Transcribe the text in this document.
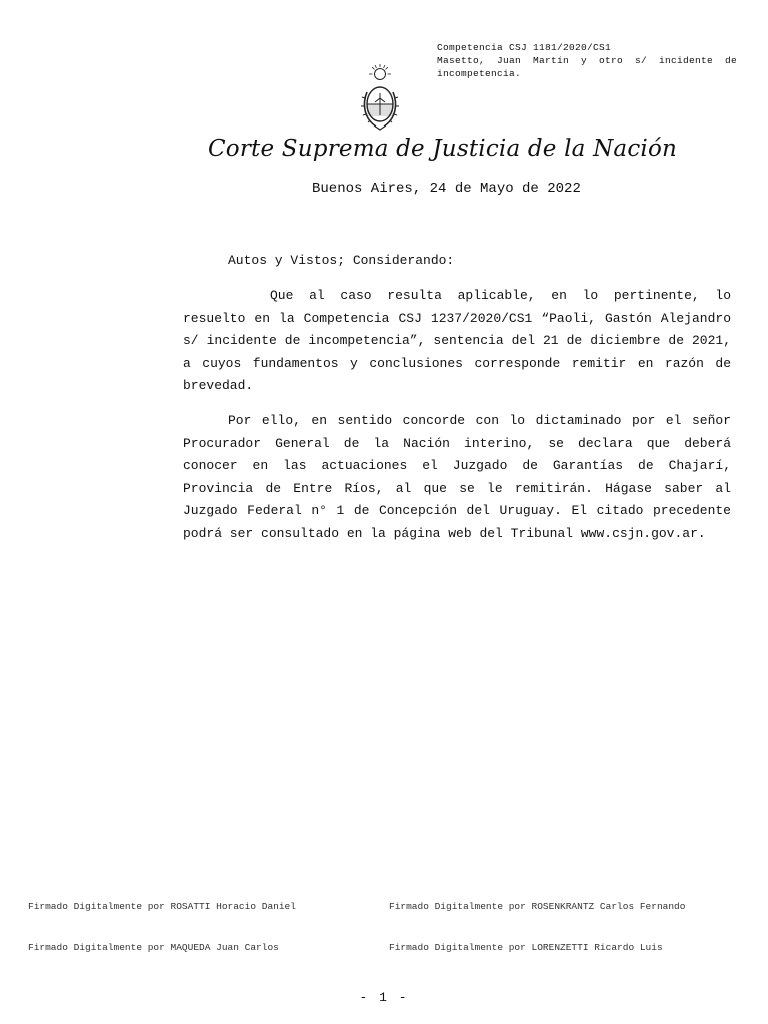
Competencia CSJ 1181/2020/CS1
Masetto, Juan Martín y otro s/ incidente de
incompetencia.
Corte Suprema de Justicia de la Nación
Buenos Aires, 24 de Mayo de 2022
Autos y Vistos; Considerando:
Que al caso resulta aplicable, en lo pertinente, lo resuelto en la Competencia CSJ 1237/2020/CS1 “Paoli, Gastón Alejandro s/ incidente de incompetencia”, sentencia del 21 de diciembre de 2021, a cuyos fundamentos y conclusiones corresponde remitir en razón de brevedad.
Por ello, en sentido concorde con lo dictaminado por el señor Procurador General de la Nación interino, se declara que deberá conocer en las actuaciones el Juzgado de Garantías de Chajarí, Provincia de Entre Ríos, al que se le remitirán. Hágase saber al Juzgado Federal n° 1 de Concepción del Uruguay. El citado precedente podrá ser consultado en la página web del Tribunal www.csjn.gov.ar.
Firmado Digitalmente por ROSATTI Horacio Daniel	Firmado Digitalmente por ROSENKRANTZ Carlos Fernando
Firmado Digitalmente por MAQUEDA Juan Carlos	Firmado Digitalmente por LORENZETTI Ricardo Luis
- 1 -
